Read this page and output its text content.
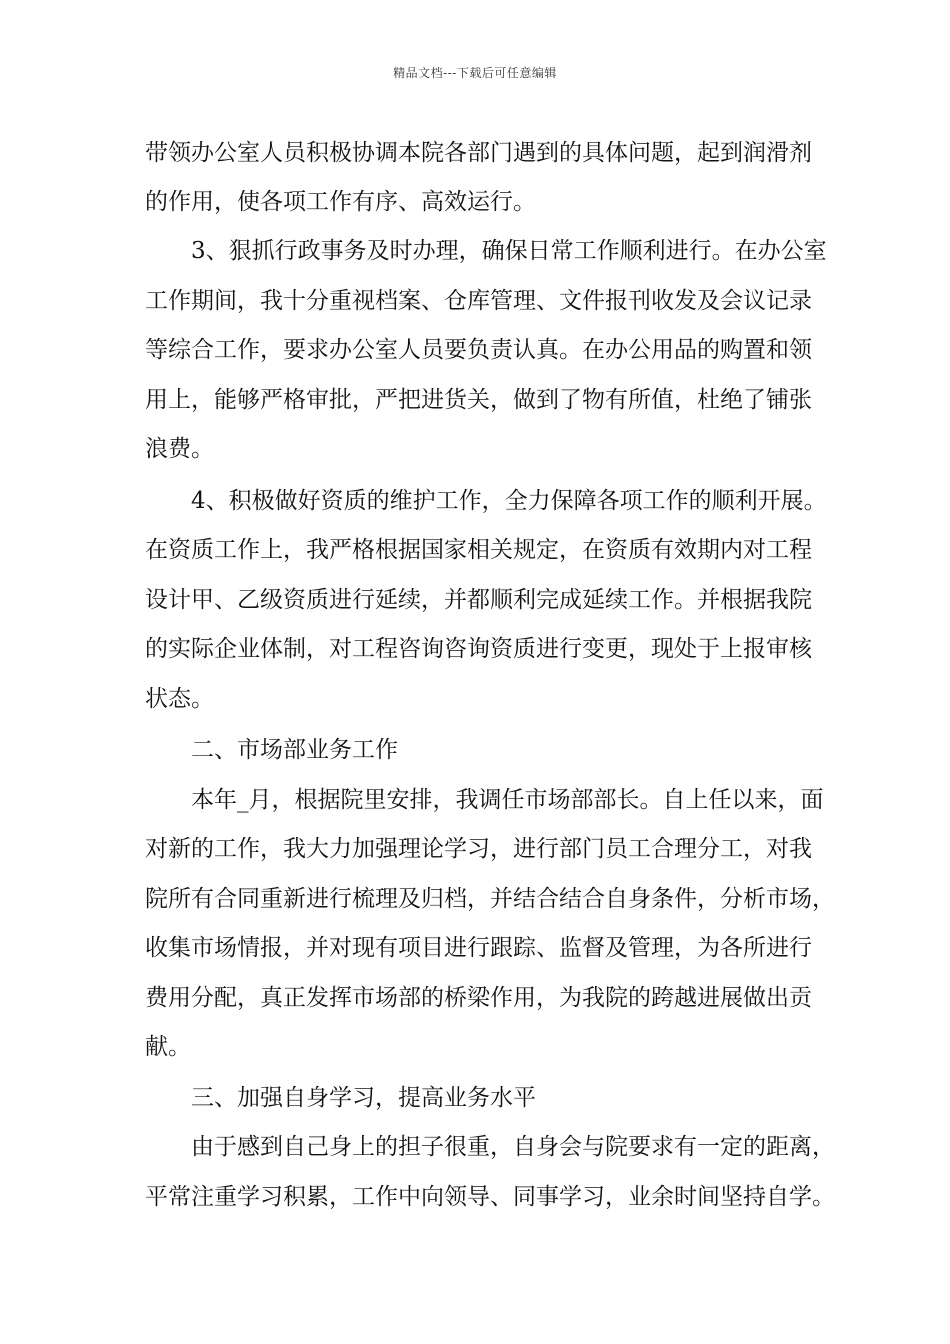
精品文档---下载后可任意编辑
带领办公室人员积极协调本院各部门遇到的具体问题，起到润滑剂
的作用，使各项工作有序、高效运行。
3、狠抓行政事务及时办理，确保日常工作顺利进行。在办公室
工作期间，我十分重视档案、仓库管理、文件报刊收发及会议记录
等综合工作，要求办公室人员要负责认真。在办公用品的购置和领
用上，能够严格审批，严把进货关，做到了物有所值，杜绝了铺张
浪费。
4、积极做好资质的维护工作，全力保障各项工作的顺利开展。
在资质工作上，我严格根据国家相关规定，在资质有效期内对工程
设计甲、乙级资质进行延续，并都顺利完成延续工作。并根据我院
的实际企业体制，对工程咨询咨询资质进行变更，现处于上报审核
状态。
二、市场部业务工作
本年_月，根据院里安排，我调任市场部部长。自上任以来，面
对新的工作，我大力加强理论学习，进行部门员工合理分工，对我
院所有合同重新进行梳理及归档，并结合结合自身条件，分析市场，
收集市场情报，并对现有项目进行跟踪、监督及管理，为各所进行
费用分配，真正发挥市场部的桥梁作用，为我院的跨越进展做出贡
献。
三、加强自身学习，提高业务水平
由于感到自己身上的担子很重，自身会与院要求有一定的距离，
平常注重学习积累，工作中向领导、同事学习，业余时间坚持自学。
